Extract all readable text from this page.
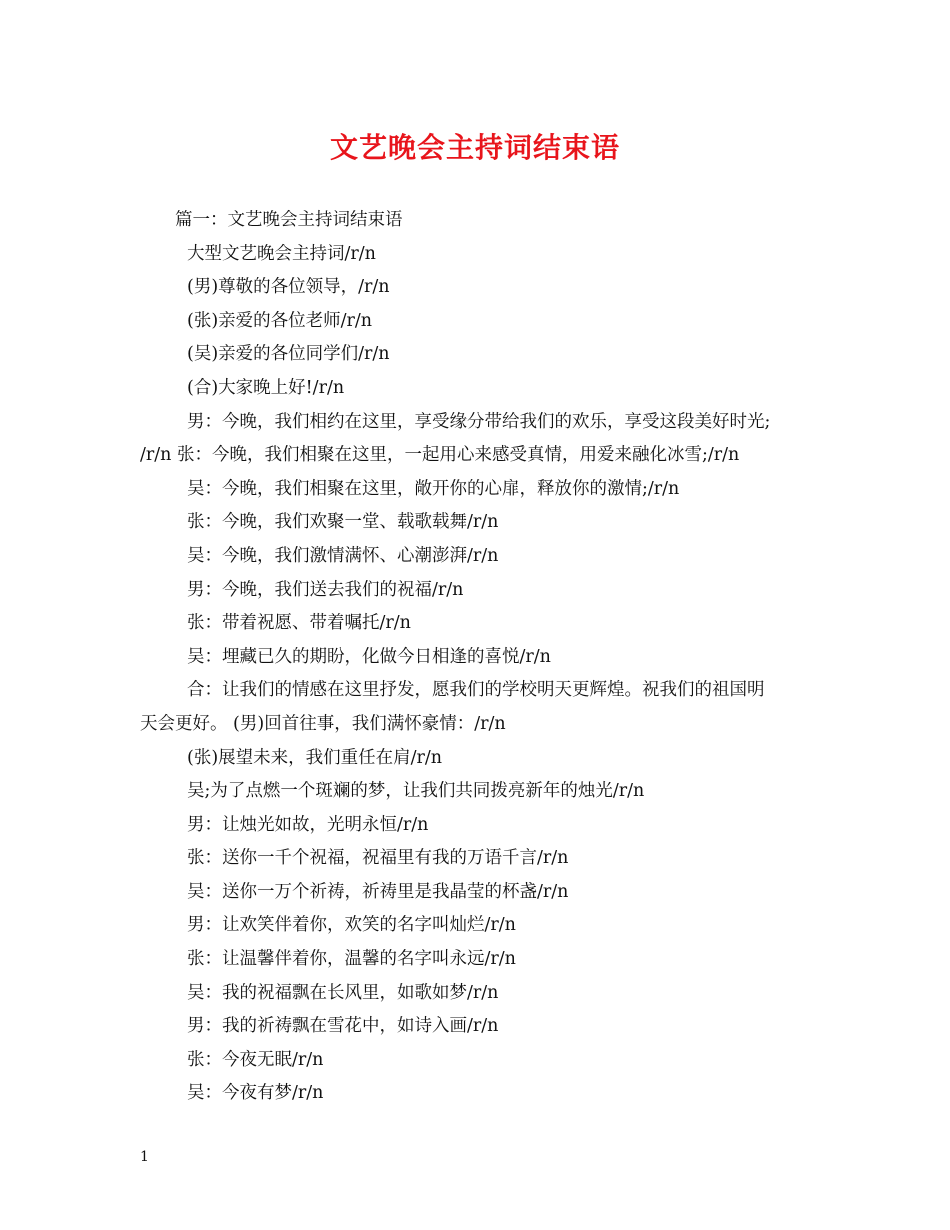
文艺晚会主持词结束语
篇一：文艺晚会主持词结束语
大型文艺晚会主持词/r/n
(男)尊敬的各位领导，/r/n
(张)亲爱的各位老师/r/n
(吴)亲爱的各位同学们/r/n
(合)大家晚上好!/r/n
男：今晚，我们相约在这里，享受缘分带给我们的欢乐，享受这段美好时光;
/r/n 张：今晚，我们相聚在这里，一起用心来感受真情，用爱来融化冰雪;/r/n
吴：今晚，我们相聚在这里，敞开你的心扉，释放你的激情;/r/n
张：今晚，我们欢聚一堂、载歌载舞/r/n
吴：今晚，我们激情满怀、心潮澎湃/r/n
男：今晚，我们送去我们的祝福/r/n
张：带着祝愿、带着嘱托/r/n
吴：埋藏已久的期盼，化做今日相逢的喜悦/r/n
合：让我们的情感在这里抒发，愿我们的学校明天更辉煌。祝我们的祖国明
天会更好。 (男)回首往事，我们满怀豪情：/r/n
(张)展望未来，我们重任在肩/r/n
吴;为了点燃一个斑斓的梦，让我们共同拨亮新年的烛光/r/n
男：让烛光如故，光明永恒/r/n
张：送你一千个祝福，祝福里有我的万语千言/r/n
吴：送你一万个祈祷，祈祷里是我晶莹的杯盏/r/n
男：让欢笑伴着你，欢笑的名字叫灿烂/r/n
张：让温馨伴着你，温馨的名字叫永远/r/n
吴：我的祝福飘在长风里，如歌如梦/r/n
男：我的祈祷飘在雪花中，如诗入画/r/n
张：今夜无眠/r/n
吴：今夜有梦/r/n
1
